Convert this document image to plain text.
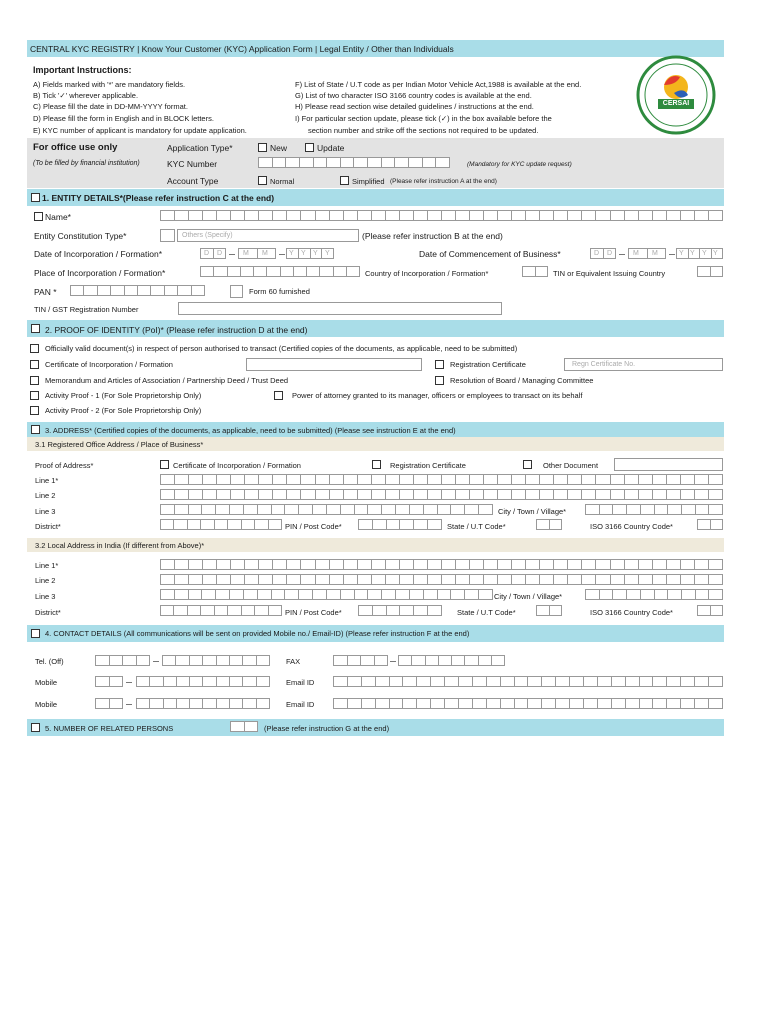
CENTRAL KYC REGISTRY | Know Your Customer (KYC) Application Form | Legal Entity / Other than Individuals
Important Instructions:
A) Fields marked with '*' are mandatory fields.
B) Tick '✓' wherever applicable.
C) Please fill the date in DD-MM-YYYY format.
D) Please fill the form in English and in BLOCK letters.
E) KYC number of applicant is mandatory for update application.
F) List of State / U.T code as per Indian Motor Vehicle Act,1988 is available at the end.
G) List of two character ISO 3166 country codes is available at the end.
H) Please read section wise detailed guidelines / instructions at the end.
I) For particular section update, please tick (✓) in the box available before the
section number and strike off the sections not required to be updated.
CERSAI
For office use only
(To be filled by financial institution)
Application Type*	New	Update
KYC Number	(Mandatory for KYC update request)
Account Type	Normal	Simplified (Please refer instruction A at the end)
1. ENTITY DETAILS*(Please refer instruction C at the end)
Name*
Entity Constitution Type*	Others (Specify)	(Please refer instruction B at the end)
Date of Incorporation / Formation*	D D	M M	Y Y Y Y	Date of Commencement of Business*	D D	M M	Y Y Y Y
Place of Incorporation / Formation*	Country of Incorporation / Formation*	TIN or Equivalent Issuing Country
PAN *	Form 60 furnished
TIN / GST Registration Number
2. PROOF OF IDENTITY (PoI)* (Please refer instruction D at the end)
Officially valid document(s) in respect of person authorised to transact (Certified copies of the documents, as applicable, need to be submitted)
Certificate of Incorporation / Formation	Registration Certificate	Regn Certificate No.
Memorandum and Articles of Association / Partnership Deed / Trust Deed	Resolution of Board / Managing Committee
Activity Proof - 1 (For Sole Proprietorship Only)	Power of attorney granted to its manager, officers or employees to transact on its behalf
Activity Proof - 2 (For Sole Proprietorship Only)
3. ADDRESS* (Certified copies of the documents, as applicable, need to be submitted) (Please see instruction E at the end)
3.1 Registered Office Address / Place of Business*
Proof of Address*	Certificate of Incorporation / Formation	Registration Certificate	Other Document
Line 1*
Line 2
Line 3	City / Town / Village*
District*	PIN / Post Code*	State / U.T Code*	ISO 3166 Country Code*
3.2 Local Address in India (If different from Above)*
Line 1*
Line 2
Line 3	City / Town / Village*
District*	PIN / Post Code*	State / U.T Code*	ISO 3166 Country Code*
4. CONTACT DETAILS (All communications will be sent on provided Mobile no./ Email-ID) (Please refer instruction F at the end)
Tel. (Off)	FAX
Mobile	Email ID
Mobile	Email ID
5. NUMBER OF RELATED PERSONS	(Please refer instruction G at the end)
